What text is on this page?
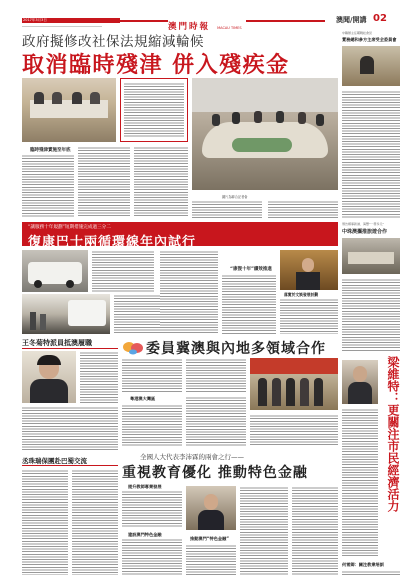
2017年3月3日
澳門時報 MACAU TIMES
澳聞/開講 02
政府擬修改社保法規縮減輪候
取消臨時殘津 併入殘疾金
臨時殘津實施至年底
圖片為聯合記者會
中聯辦主任鄭曉松會見
實務總和參方主席受全委員會
預告鄉事新港、海豐“一帶多元”
中珠澳攜推旅遊合作
梁維特：更關注市民經濟活力
何雪卿：關注教業培訓
“讓服務十年規劃”短期措施完成過三分二
復康巴士兩循環線年內試行
“康復十年”績效推進
落實於文娛發展計劃
王冬菊特派員抵澳履職
丞珠瑞保團赴巴蜀交流
委員冀澳與內地多領域合作
粵港澳大灣區
全國人大代表李沛霖的兩會之行——
重視教育優化 推動特色金融
提升教師專業發展
建設澳門特色金融
推動澳門“特色金融”
